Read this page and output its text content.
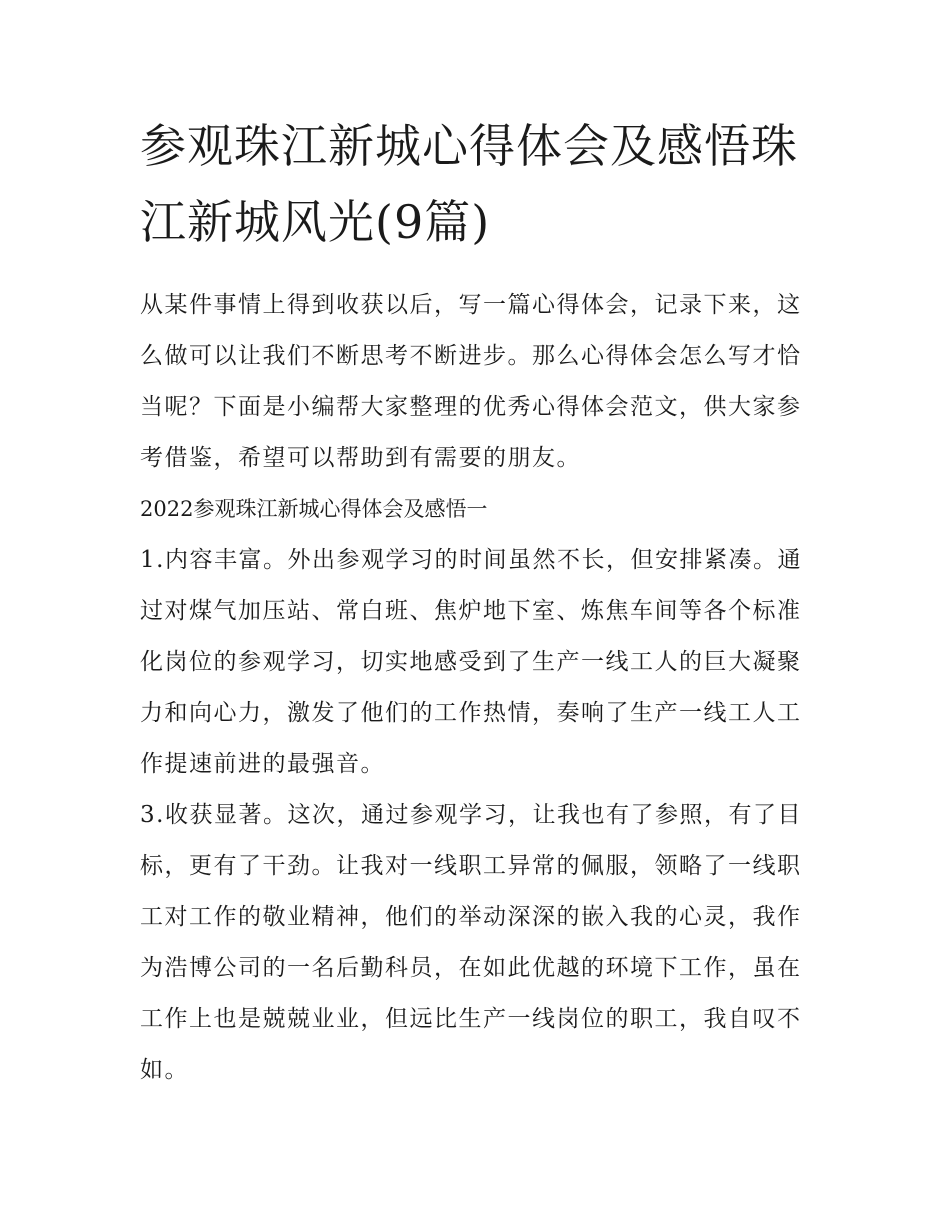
参观珠江新城心得体会及感悟珠江新城风光(9篇)

从某件事情上得到收获以后，写一篇心得体会，记录下来，这么做可以让我们不断思考不断进步。那么心得体会怎么写才恰当呢？下面是小编帮大家整理的优秀心得体会范文，供大家参考借鉴，希望可以帮助到有需要的朋友。

2022参观珠江新城心得体会及感悟一

1.内容丰富。外出参观学习的时间虽然不长，但安排紧凑。通过对煤气加压站、常白班、焦炉地下室、炼焦车间等各个标准化岗位的参观学习，切实地感受到了生产一线工人的巨大凝聚力和向心力，激发了他们的工作热情，奏响了生产一线工人工作提速前进的最强音。

3.收获显著。这次，通过参观学习，让我也有了参照，有了目标，更有了干劲。让我对一线职工异常的佩服，领略了一线职工对工作的敬业精神，他们的举动深深的嵌入我的心灵，我作为浩博公司的一名后勤科员，在如此优越的环境下工作，虽在工作上也是兢兢业业，但远比生产一线岗位的职工，我自叹不如。
